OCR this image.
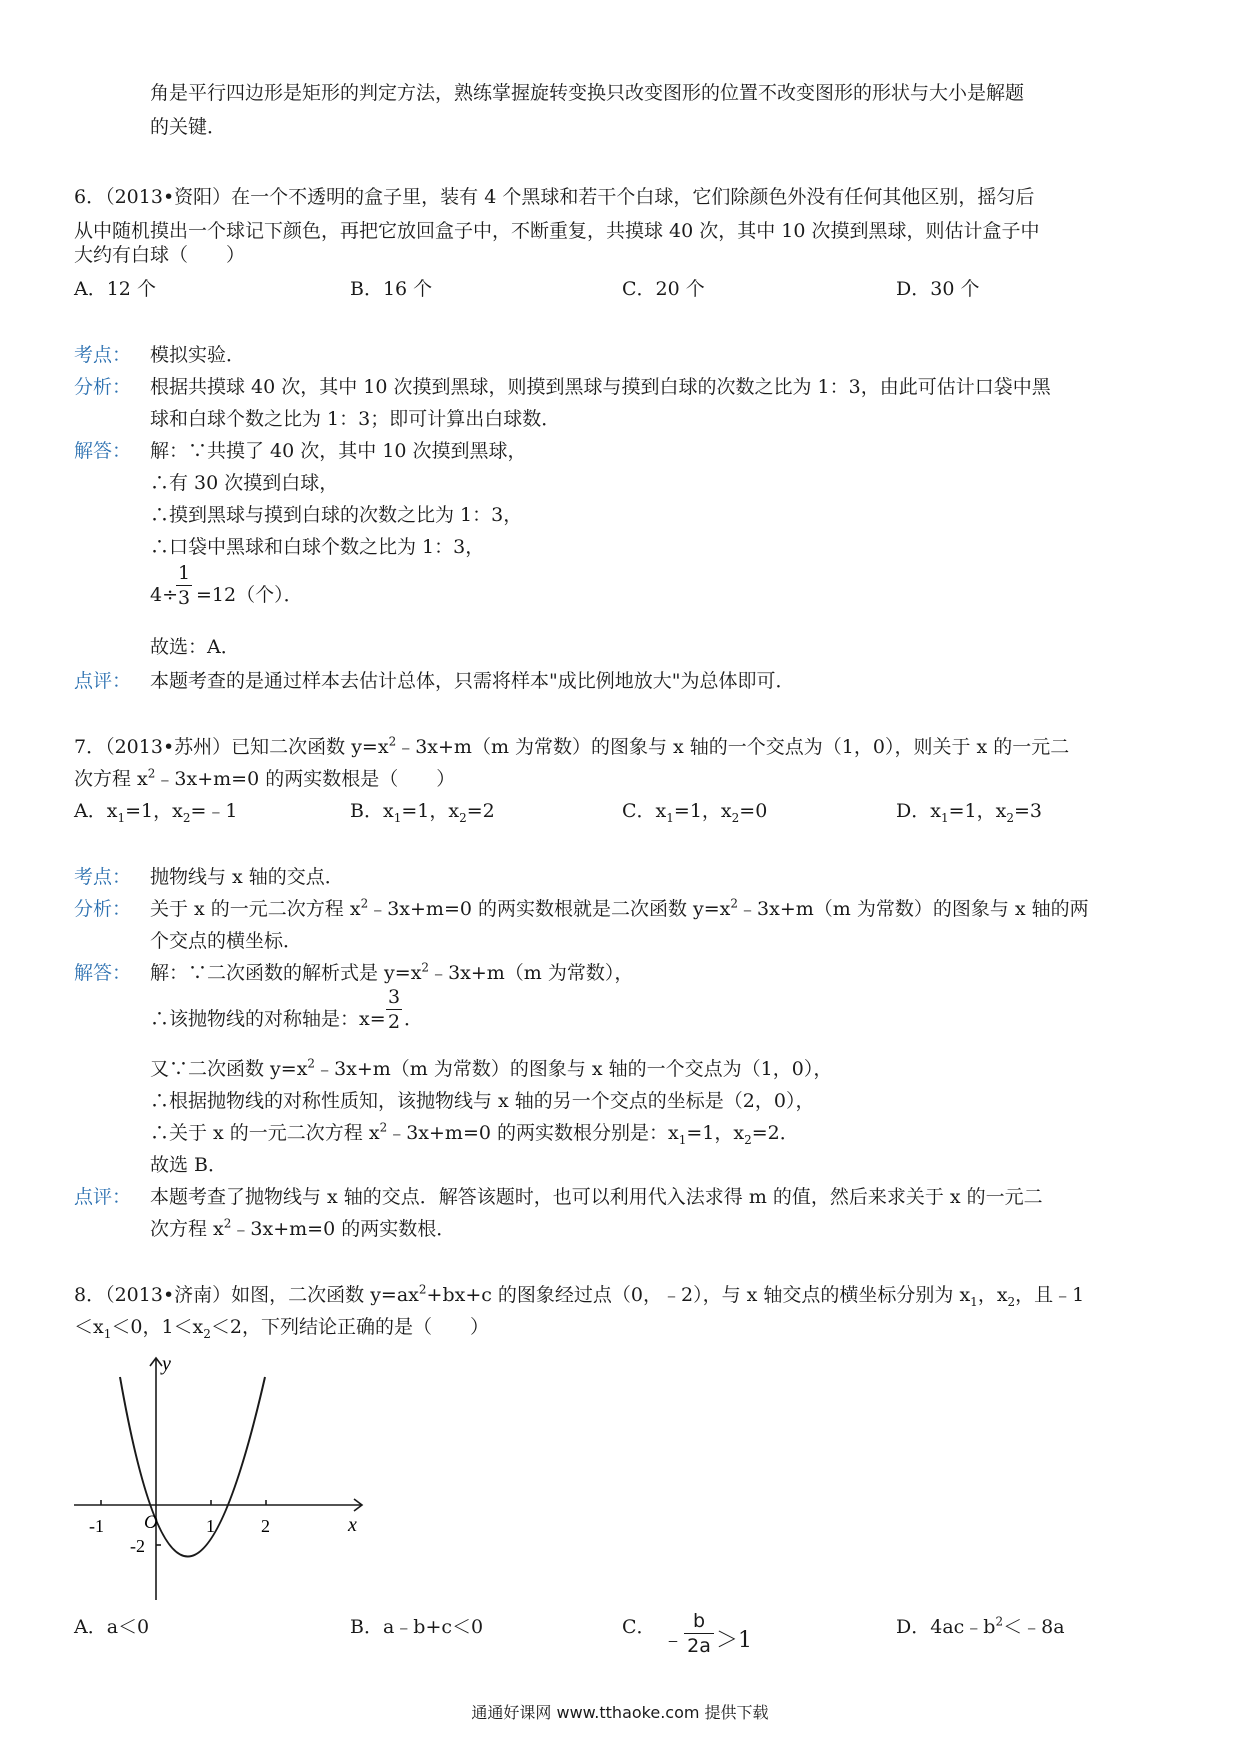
角是平行四边形是矩形的判定方法，熟练掌握旋转变换只改变图形的位置不改变图形的形状与大小是解题
的关键．
6．（2013•资阳）在一个不透明的盒子里，装有 4 个黑球和若干个白球，它们除颜色外没有任何其他区别，摇匀后
从中随机摸出一个球记下颜色，再把它放回盒子中，不断重复，共摸球 40 次，其中 10 次摸到黑球，则估计盒子中
大约有白球（　　）
A．12 个	B．16 个	C．20 个	D．30 个
考点： 模拟实验．
分析： 根据共摸球 40 次，其中 10 次摸到黑球，则摸到黑球与摸到白球的次数之比为 1：3，由此可估计口袋中黑
球和白球个数之比为 1：3；即可计算出白球数．
解答： 解：∵共摸了 40 次，其中 10 次摸到黑球，
∴有 30 次摸到白球，
∴摸到黑球与摸到白球的次数之比为 1：3，
∴口袋中黑球和白球个数之比为 1：3，
4÷
1
3 =12（个）．
故选：A．
点评： 本题考查的是通过样本去估计总体，只需将样本"成比例地放大"为总体即可．
7．（2013•苏州）已知二次函数 $y=x^2﹣3x+m(m$ 为常数）的图象与 x 轴的一个交点为（1，0），则关于 x 的一元二
次方程 $x^2﹣3x+m=0$ 的两实数根是（　　）
A．$x_1=1$，$x_2=﹣1$	B．$x_1=1$，$x_2=2$	C．$x_1=1$，$x_2=0$	D．$x_1=1$，$x_2=3$
考点： 抛物线与 x 轴的交点．
分析： 关于 x 的一元二次方程 $x^2﹣3x+m=0$ 的两实数根就是二次函数 $y=x^2﹣3x+m(m$ 为常数）的图象与 x 轴的两
个交点的横坐标．
解答： 解：∵二次函数的解析式是 $y=x^2﹣3x+m(m$ 为常数），
∴该抛物线的对称轴是：x=
3
2 ．
又∵二次函数 $y=x^2﹣3x+m(m$ 为常数）的图象与 x 轴的一个交点为（1，0），
∴根据抛物线的对称性质知，该抛物线与 x 轴的另一个交点的坐标是（2，0），
∴关于 x 的一元二次方程 $x^2﹣3x+m=0$ 的两实数根分别是：$x_1=1$，$x_2=2$．
故选 B．
点评： 本题考查了抛物线与 x 轴的交点．解答该题时，也可以利用代入法求得 m 的值，然后来求关于 x 的一元二
次方程 $x^2﹣3x+m=0$ 的两实数根．
8．（2013•济南）如图，二次函数 $y=ax^2+bx+c$ 的图象经过点（0，﹣2），与 x 轴交点的横坐标分别为 $x_1$，$x_2$，且﹣1
$<x_1<0$，$1<x_2<2$，下列结论正确的是（　　）
y
x
O
-1	1	2
-2
A．a＜0	B．a﹣b+c＜0	C．
﹣
b
2a ＞1
D．$4ac﹣b^2<﹣8a$
通通好课网 www.tthaoke.com 提供下载
